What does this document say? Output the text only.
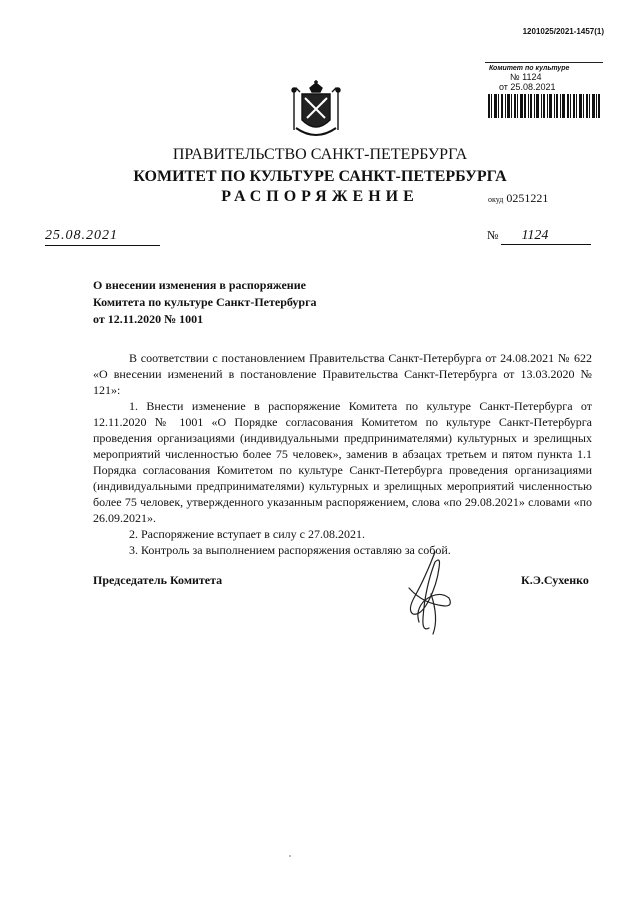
1201025/2021-1457(1)
Комитет по культуре
№ 1124
от 25.08.2021
ПРАВИТЕЛЬСТВО САНКТ-ПЕТЕРБУРГА
КОМИТЕТ ПО КУЛЬТУРЕ САНКТ-ПЕТЕРБУРГА
РАСПОРЯЖЕНИЕ	окуд 0251221
25.08.2021	№ 1124
О внесении изменения в распоряжение
Комитета по культуре Санкт-Петербурга
от 12.11.2020 № 1001

В соответствии с постановлением Правительства Санкт-Петербурга от 24.08.2021 № 622 «О внесении изменений в постановление Правительства Санкт-Петербурга от 13.03.2020 № 121»:

1. Внести изменение в распоряжение Комитета по культуре Санкт-Петербурга от 12.11.2020 № 1001 «О Порядке согласования Комитетом по культуре Санкт-Петербурга проведения организациями (индивидуальными предпринимателями) культурных и зрелищных мероприятий численностью более 75 человек», заменив в абзацах третьем и пятом пункта 1.1 Порядка согласования Комитетом по культуре Санкт-Петербурга проведения организациями (индивидуальными предпринимателями) культурных и зрелищных мероприятий численностью более 75 человек, утвержденного указанным распоряжением, слова «по 29.08.2021» словами «по 26.09.2021».

2. Распоряжение вступает в силу с 27.08.2021.

3. Контроль за выполнением распоряжения оставляю за собой.

Председатель Комитета	К.Э.Сухенко
